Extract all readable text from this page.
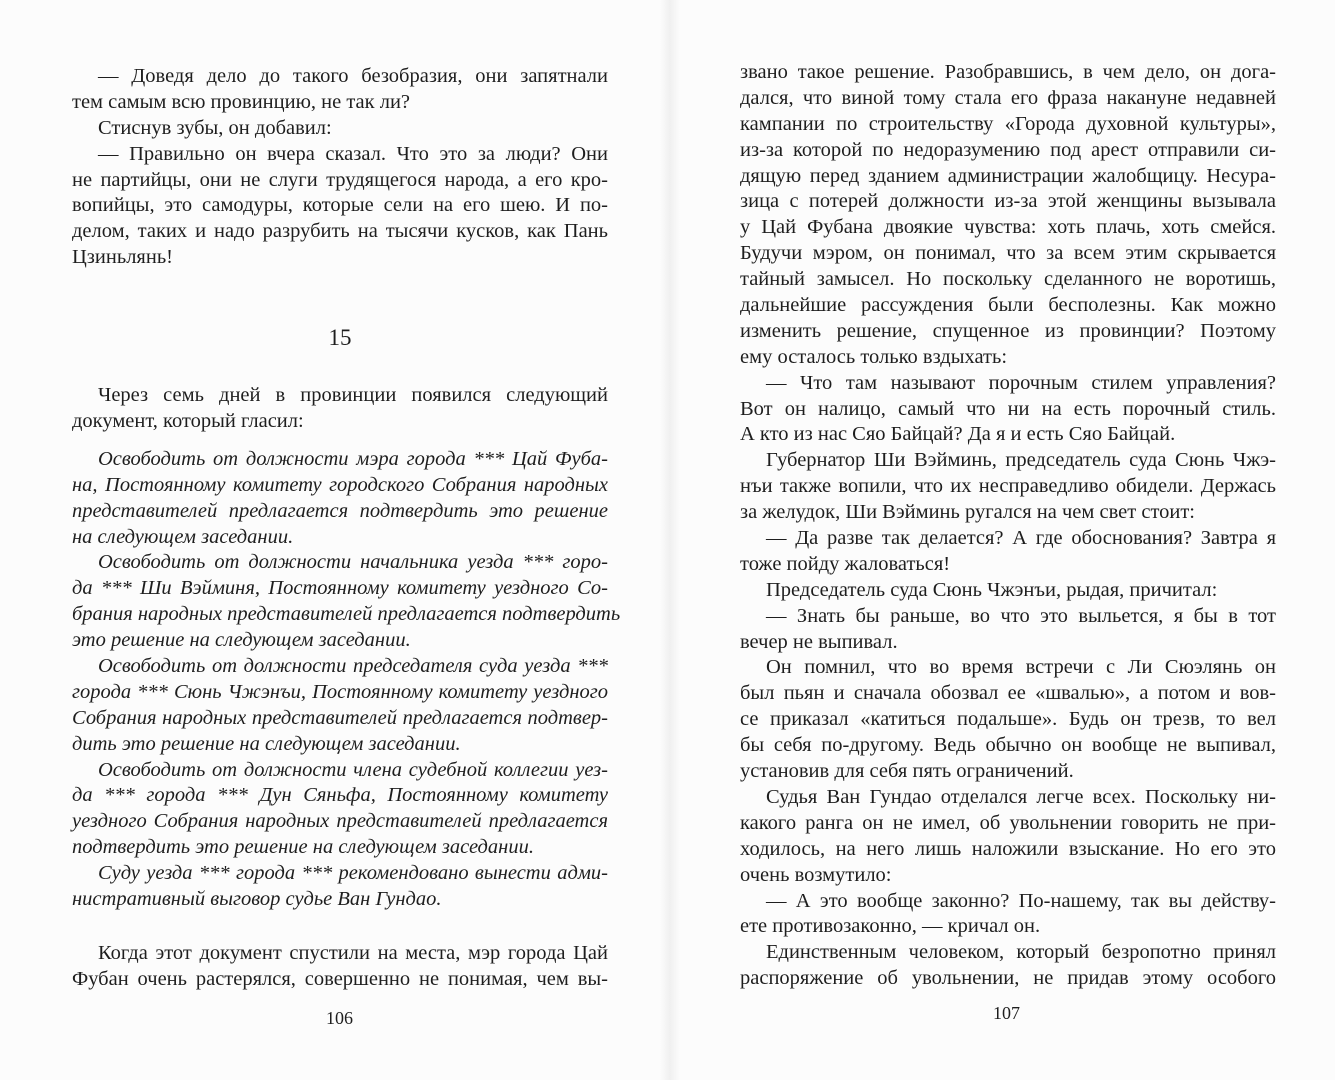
— Доведя дело до такого безобразия, они запятнали
тем самым всю провинцию, не так ли?
Стиснув зубы, он добавил:
— Правильно он вчера сказал. Что это за люди? Они
не партийцы, они не слуги трудящегося народа, а его кро-
вопийцы, это самодуры, которые сели на его шею. И по-
делом, таких и надо разрубить на тысячи кусков, как Пань
Цзиньлянь!
15
Через семь дней в провинции появился следующий
документ, который гласил:
Освободить от должности мэра города *** Цай Фуба-
на, Постоянному комитету городского Собрания народных
представителей предлагается подтвердить это решение
на следующем заседании.
Освободить от должности начальника уезда *** горо-
да *** Ши Вэйминя, Постоянному комитету уездного Со-
брания народных представителей предлагается подтвердить
это решение на следующем заседании.
Освободить от должности председателя суда уезда ***
города *** Сюнь Чжэнъи, Постоянному комитету уездного
Собрания народных представителей предлагается подтвер-
дить это решение на следующем заседании.
Освободить от должности члена судебной коллегии уез-
да *** города *** Дун Сяньфа, Постоянному комитету
уездного Собрания народных представителей предлагается
подтвердить это решение на следующем заседании.
Суду уезда *** города *** рекомендовано вынести адми-
нистративный выговор судье Ван Гундао.
Когда этот документ спустили на места, мэр города Цай
Фубан очень растерялся, совершенно не понимая, чем вы-
звано такое решение. Разобравшись, в чем дело, он дога-
дался, что виной тому стала его фраза накануне недавней
кампании по строительству «Города духовной культуры»,
из-за которой по недоразумению под арест отправили си-
дящую перед зданием администрации жалобщицу. Несура-
зица с потерей должности из-за этой женщины вызывала
у Цай Фубана двоякие чувства: хоть плачь, хоть смейся.
Будучи мэром, он понимал, что за всем этим скрывается
тайный замысел. Но поскольку сделанного не воротишь,
дальнейшие рассуждения были бесполезны. Как можно
изменить решение, спущенное из провинции? Поэтому
ему осталось только вздыхать:
— Что там называют порочным стилем управления?
Вот он налицо, самый что ни на есть порочный стиль.
А кто из нас Сяо Байцай? Да я и есть Сяо Байцай.
Губернатор Ши Вэйминь, председатель суда Сюнь Чжэ-
нъи также вопили, что их несправедливо обидели. Держась
за желудок, Ши Вэйминь ругался на чем свет стоит:
— Да разве так делается? А где обоснования? Завтра я
тоже пойду жаловаться!
Председатель суда Сюнь Чжэнъи, рыдая, причитал:
— Знать бы раньше, во что это выльется, я бы в тот
вечер не выпивал.
Он помнил, что во время встречи с Ли Сюэлянь он
был пьян и сначала обозвал ее «швалью», а потом и вов-
се приказал «катиться подальше». Будь он трезв, то вел
бы себя по-другому. Ведь обычно он вообще не выпивал,
установив для себя пять ограничений.
Судья Ван Гундао отделался легче всех. Поскольку ни-
какого ранга он не имел, об увольнении говорить не при-
ходилось, на него лишь наложили взыскание. Но его это
очень возмутило:
— А это вообще законно? По-нашему, так вы действу-
ете противозаконно, — кричал он.
Единственным человеком, который безропотно принял
распоряжение об увольнении, не придав этому особого
106	107
